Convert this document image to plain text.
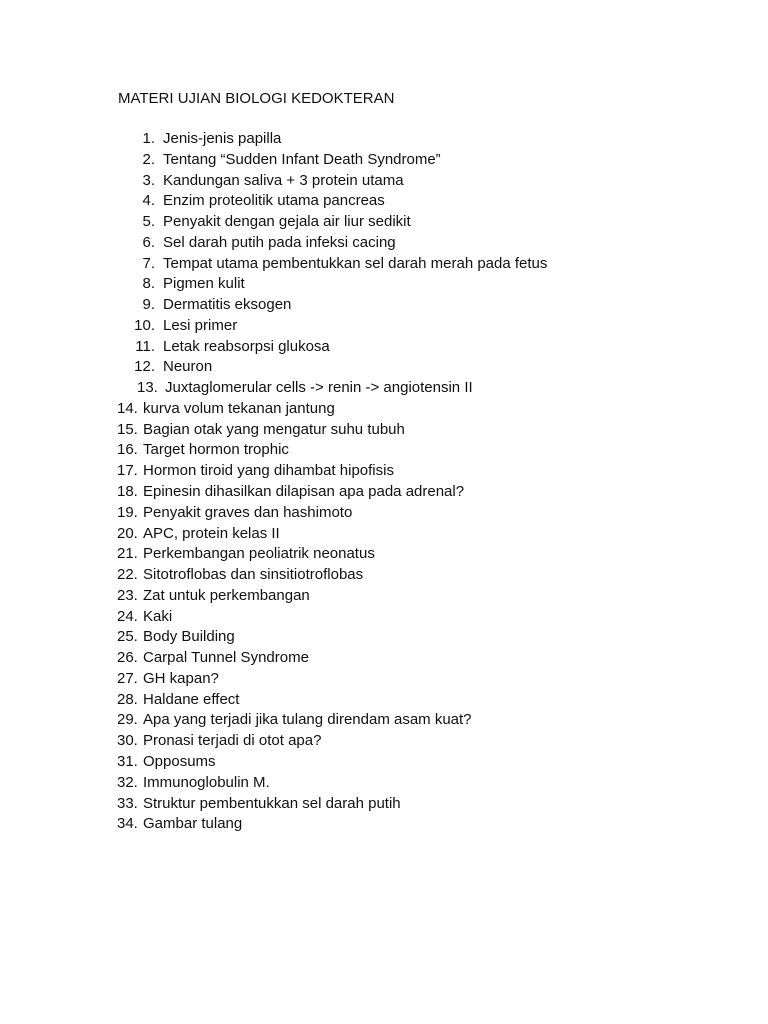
MATERI UJIAN BIOLOGI KEDOKTERAN
1. Jenis-jenis papilla
2. Tentang “Sudden Infant Death Syndrome”
3. Kandungan saliva + 3 protein utama
4. Enzim proteolitik utama pancreas
5. Penyakit dengan gejala air liur sedikit
6. Sel darah putih pada infeksi cacing
7. Tempat utama pembentukkan sel darah merah pada fetus
8. Pigmen kulit
9. Dermatitis eksogen
10. Lesi primer
11. Letak reabsorpsi glukosa
12. Neuron
13. Juxtaglomerular cells -> renin -> angiotensin II
14. kurva volum tekanan jantung
15. Bagian otak yang mengatur suhu tubuh
16. Target hormon trophic
17. Hormon tiroid yang dihambat hipofisis
18. Epinesin dihasilkan dilapisan apa pada adrenal?
19. Penyakit graves dan hashimoto
20. APC, protein kelas II
21. Perkembangan peoliatrik neonatus
22. Sitotroflobas dan sinsitiotroflobas
23. Zat untuk perkembangan
24. Kaki
25. Body Building
26. Carpal Tunnel Syndrome
27. GH kapan?
28. Haldane effect
29. Apa yang terjadi jika tulang direndam asam kuat?
30. Pronasi terjadi di otot apa?
31. Opposums
32. Immunoglobulin M.
33. Struktur pembentukkan sel darah putih
34. Gambar tulang
